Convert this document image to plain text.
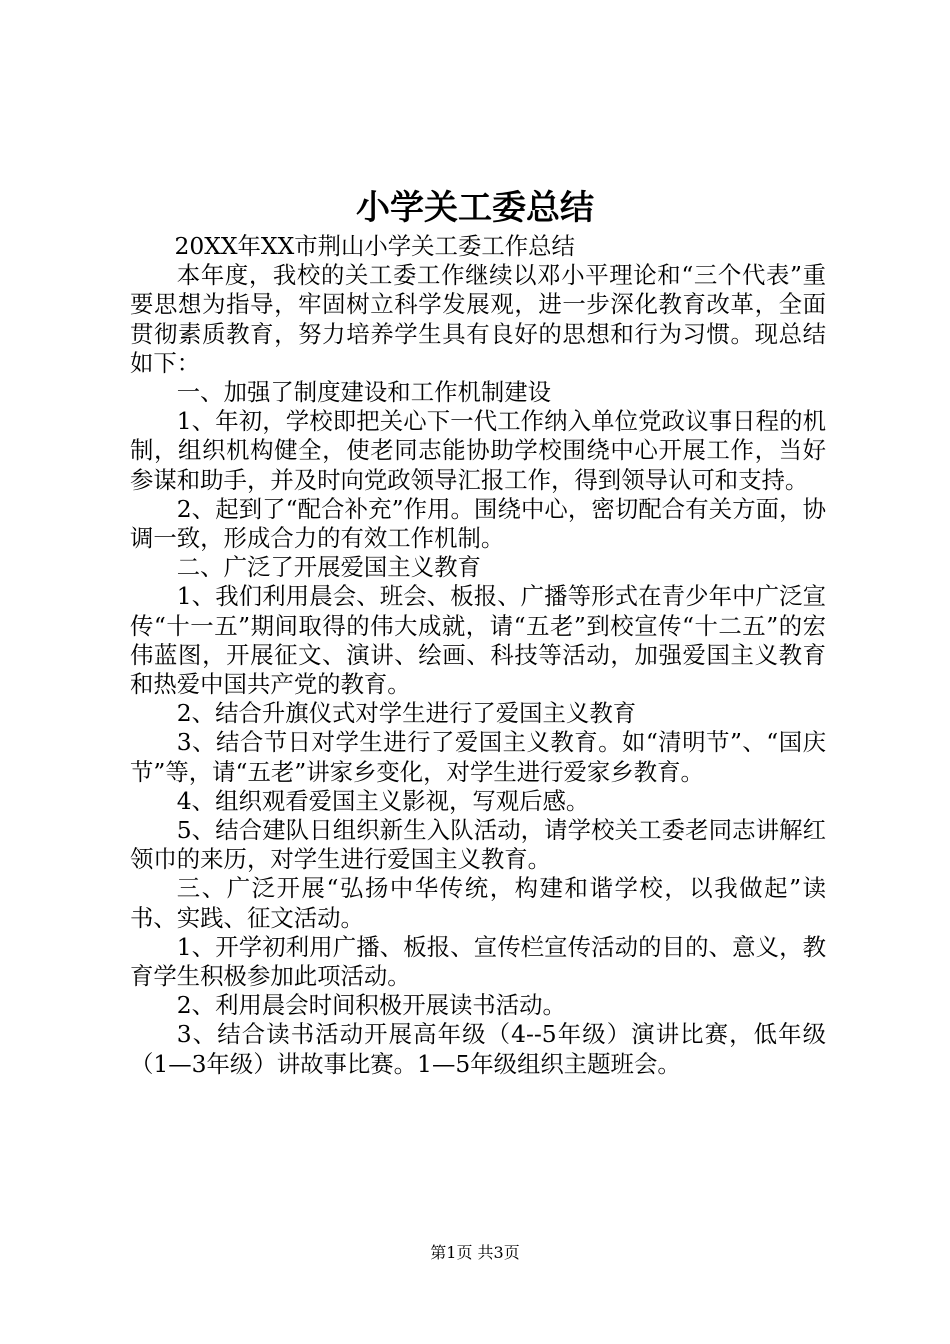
小学关工委总结

20XX年XX市荆山小学关工委工作总结

本年度，我校的关工委工作继续以邓小平理论和“三个代表”重要思想为指导，牢固树立科学发展观，进一步深化教育改革，全面贯彻素质教育，努力培养学生具有良好的思想和行为习惯。现总结如下：

一、加强了制度建设和工作机制建设

1、年初，学校即把关心下一代工作纳入单位党政议事日程的机制，组织机构健全，使老同志能协助学校围绕中心开展工作，当好参谋和助手，并及时向党政领导汇报工作，得到领导认可和支持。

2、起到了“配合补充”作用。围绕中心，密切配合有关方面，协调一致，形成合力的有效工作机制。

二、广泛了开展爱国主义教育

1、我们利用晨会、班会、板报、广播等形式在青少年中广泛宣传“十一五”期间取得的伟大成就，请“五老”到校宣传“十二五”的宏伟蓝图，开展征文、演讲、绘画、科技等活动，加强爱国主义教育和热爱中国共产党的教育。

2、结合升旗仪式对学生进行了爱国主义教育

3、结合节日对学生进行了爱国主义教育。如“清明节”、“国庆节”等，请“五老”讲家乡变化，对学生进行爱家乡教育。

4、组织观看爱国主义影视，写观后感。

5、结合建队日组织新生入队活动，请学校关工委老同志讲解红领巾的来历，对学生进行爱国主义教育。

三、广泛开展“弘扬中华传统，构建和谐学校，以我做起”读书、实践、征文活动。

1、开学初利用广播、板报、宣传栏宣传活动的目的、意义，教育学生积极参加此项活动。

2、利用晨会时间积极开展读书活动。

3、结合读书活动开展高年级（4--5年级）演讲比赛，低年级（1—3年级）讲故事比赛。1—5年级组织主题班会。

第1页 共3页
